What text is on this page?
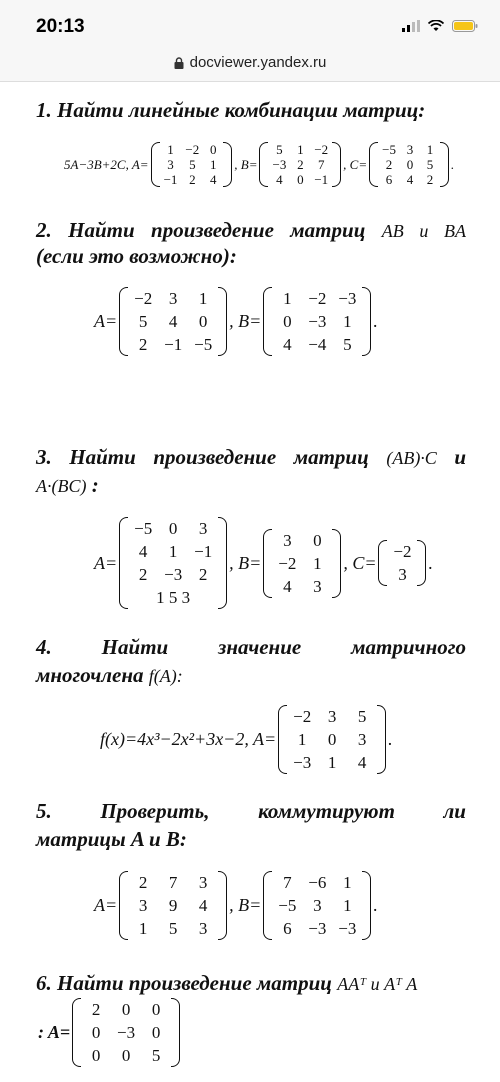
20:13
docviewer.yandex.ru
1. Найти линейные комбинации матриц:
5A−3B+2C, A=
1	−2	0
3	5	1
−1	2	4
, B=
5	1	−2
−3	2	7
4	0	−1
, C=
−5	3	1
2	0	5
6	4	2
.
2. Найти произведение матриц AB и BA
(если это возможно):
A=
−2	3	1
5	4	0
2	−1	−5
, B=
1	−2	−3
0	−3	1
4	−4	5
.
3. Найти произведение матриц (AB)·C и
A·(BC) :
A=
−5	0	3
4	1	−1
2	−3	2
1 5 3		
, B=
3	0
−2	1
4	3
, C=
−2
3
.
4. Найти значение матричного
многочлена f(A):
f(x)=4x³−2x²+3x−2, A=
−2	3	5
1	0	3
−3	1	4
.
5. Проверить, коммутируют ли
матрицы A и B:
A=
2	7	3
3	9	4
1	5	3
, B=
7	−6	1
−5	3	1
6	−3	−3
.
6. Найти произведение матриц AAᵀ и Aᵀ A
: A=
2	0	0
0	−3	0
0	0	5
